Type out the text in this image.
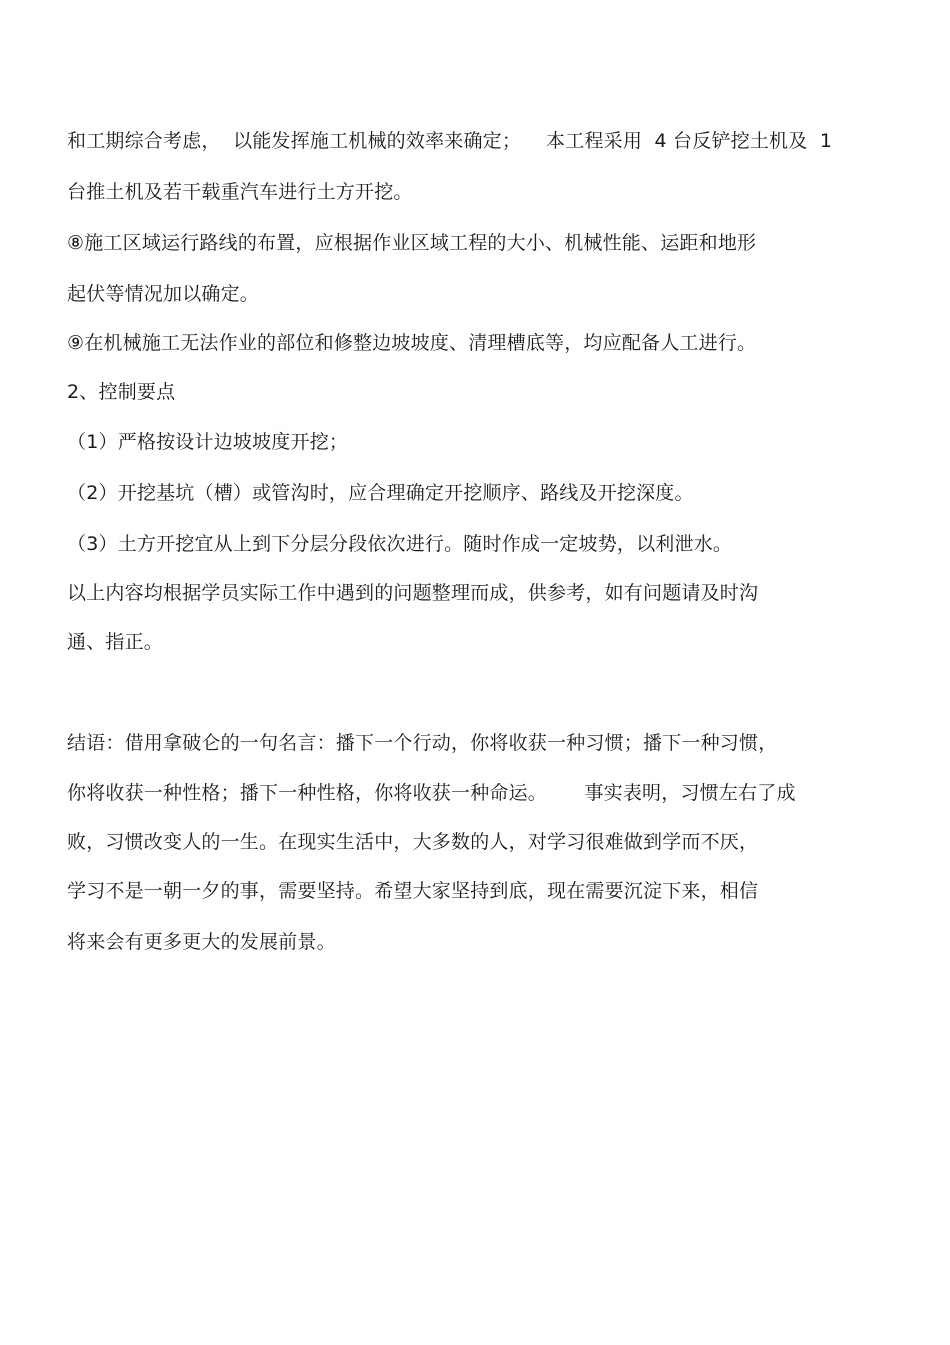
和工期综合考虑，  以能发挥施工机械的效率来确定；    本工程采用  4 台反铲挖土机及  1
台推土机及若干载重汽车进行土方开挖。
⑧施工区域运行路线的布置，应根据作业区域工程的大小、机械性能、运距和地形
起伏等情况加以确定。
⑨在机械施工无法作业的部位和修整边坡坡度、清理槽底等，均应配备人工进行。
2、控制要点
（1）严格按设计边坡坡度开挖；
（2）开挖基坑（槽）或管沟时，应合理确定开挖顺序、路线及开挖深度。
（3）土方开挖宜从上到下分层分段依次进行。随时作成一定坡势，以利泄水。
以上内容均根据学员实际工作中遇到的问题整理而成，供参考，如有问题请及时沟
通、指正。
结语：借用拿破仑的一句名言：播下一个行动，你将收获一种习惯；播下一种习惯，
你将收获一种性格；播下一种性格，你将收获一种命运。      事实表明，习惯左右了成
败，习惯改变人的一生。在现实生活中，大多数的人，对学习很难做到学而不厌，
学习不是一朝一夕的事，需要坚持。希望大家坚持到底，现在需要沉淀下来，相信
将来会有更多更大的发展前景。
